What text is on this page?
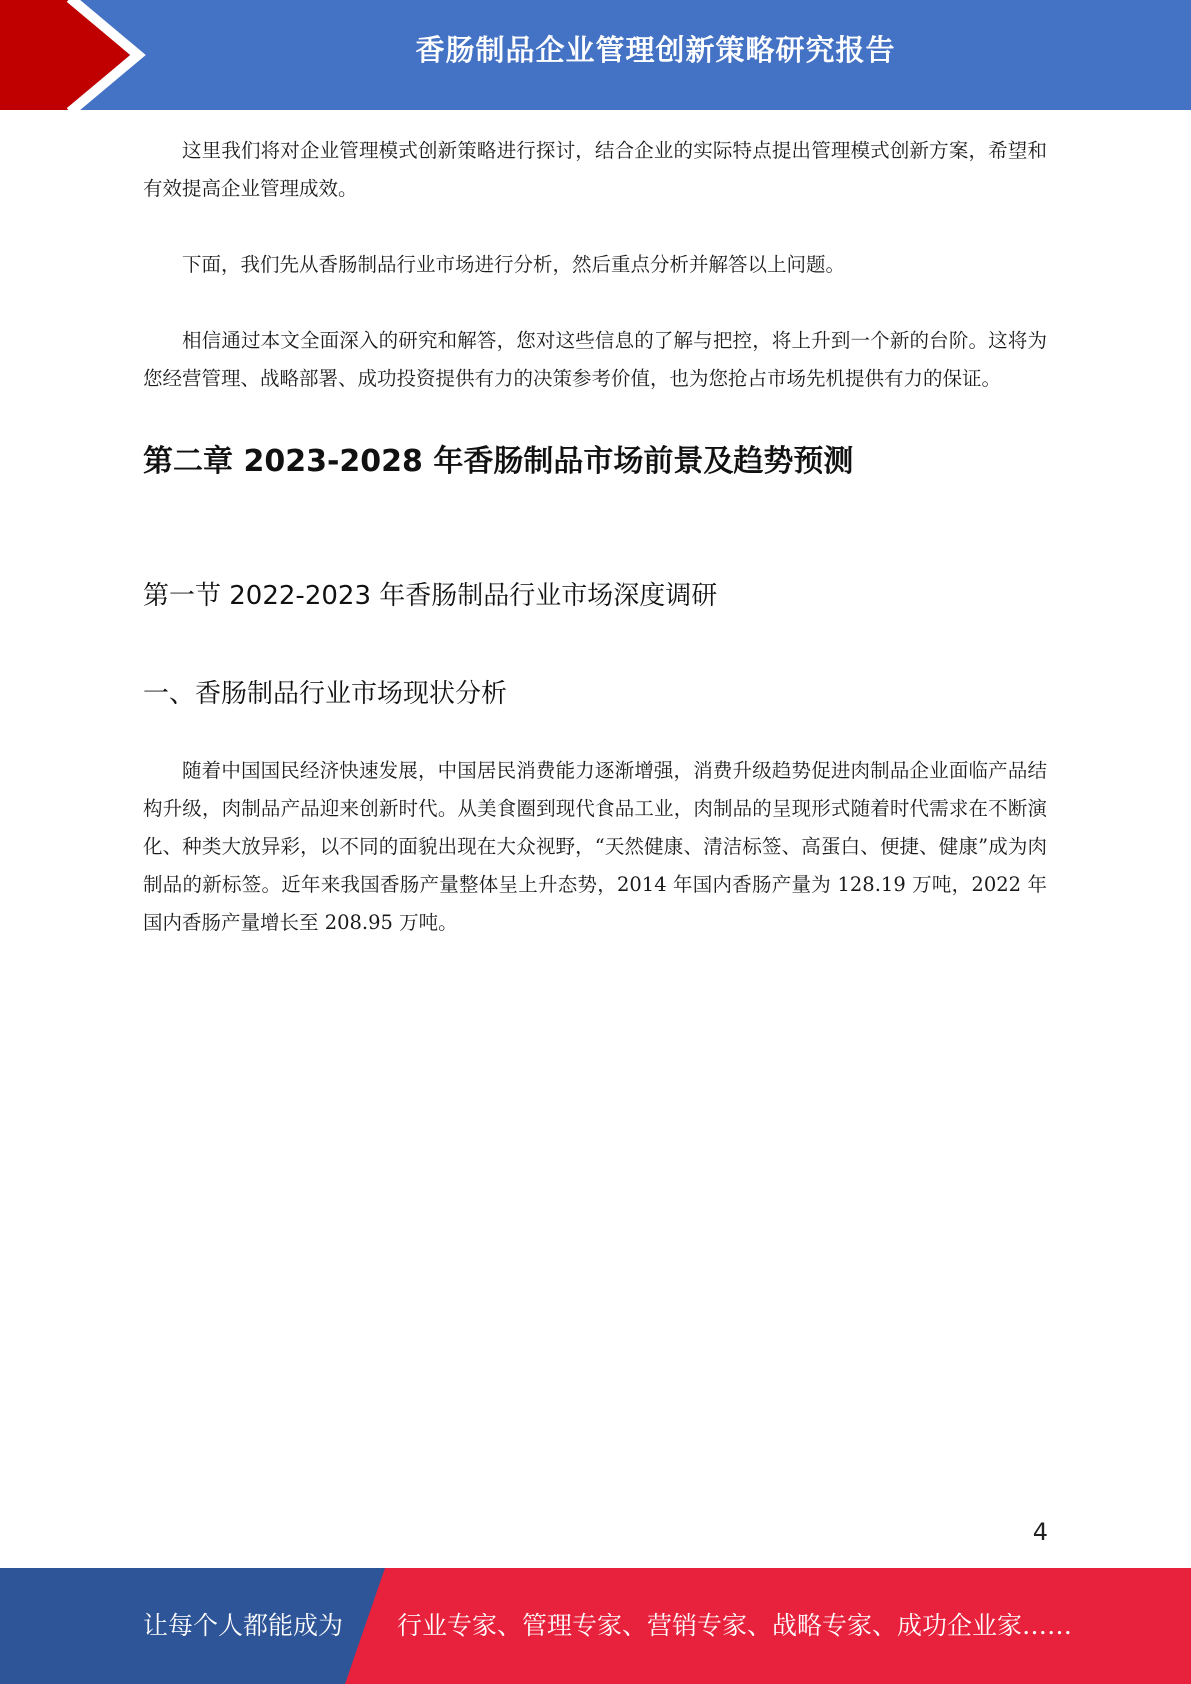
香肠制品企业管理创新策略研究报告

这里我们将对企业管理模式创新策略进行探讨，结合企业的实际特点提出管理模式创新方案，希望和有效提高企业管理成效。

下面，我们先从香肠制品行业市场进行分析，然后重点分析并解答以上问题。

相信通过本文全面深入的研究和解答，您对这些信息的了解与把控，将上升到一个新的台阶。这将为您经营管理、战略部署、成功投资提供有力的决策参考价值，也为您抢占市场先机提供有力的保证。

第二章 2023-2028 年香肠制品市场前景及趋势预测
第一节 2022-2023 年香肠制品行业市场深度调研
一、香肠制品行业市场现状分析

随着中国国民经济快速发展，中国居民消费能力逐渐增强，消费升级趋势促进肉制品企业面临产品结构升级，肉制品产品迎来创新时代。从美食圈到现代食品工业，肉制品的呈现形式随着时代需求在不断演化、种类大放异彩，以不同的面貌出现在大众视野，“天然健康、清洁标签、高蛋白、便捷、健康”成为肉制品的新标签。近年来我国香肠产量整体呈上升态势，2014 年国内香肠产量为 128.19 万吨，2022 年国内香肠产量增长至 208.95 万吨。

4
让每个人都能成为 行业专家、管理专家、营销专家、战略专家、成功企业家……
